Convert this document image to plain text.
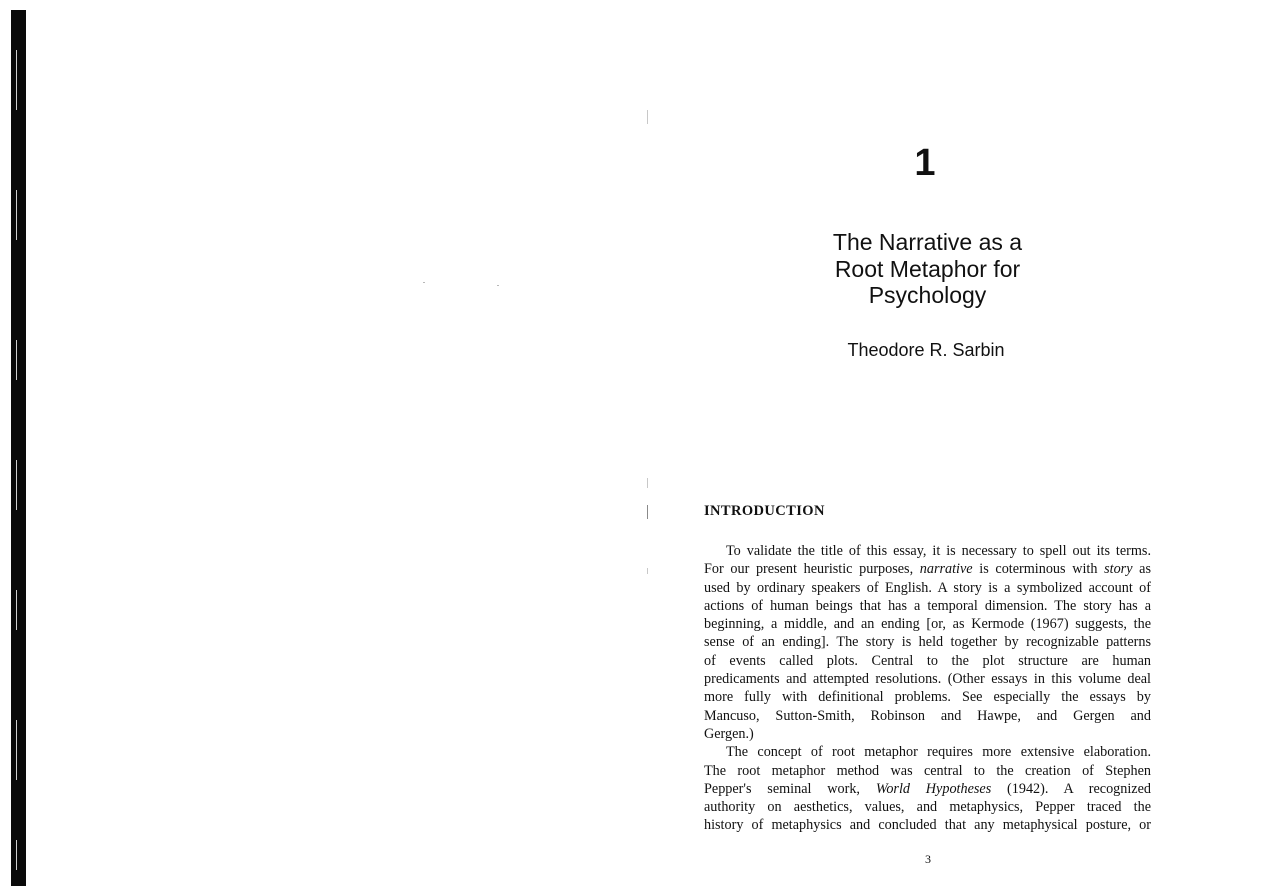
1
The Narrative as a
Root Metaphor for
Psychology
Theodore R. Sarbin
INTRODUCTION
To validate the title of this essay, it is necessary to spell out its terms.
For our present heuristic purposes, narrative is coterminous with story as
used by ordinary speakers of English. A story is a symbolized account of
actions of human beings that has a temporal dimension. The story has a
beginning, a middle, and an ending [or, as Kermode (1967) suggests, the
sense of an ending]. The story is held together by recognizable patterns
of events called plots. Central to the plot structure are human
predicaments and attempted resolutions. (Other essays in this volume deal
more fully with definitional problems. See especially the essays by
Mancuso, Sutton-Smith, Robinson and Hawpe, and Gergen and
Gergen.)
The concept of root metaphor requires more extensive elaboration.
The root metaphor method was central to the creation of Stephen
Pepper's seminal work, World Hypotheses (1942). A recognized
authority on aesthetics, values, and metaphysics, Pepper traced the
history of metaphysics and concluded that any metaphysical posture, or
3
